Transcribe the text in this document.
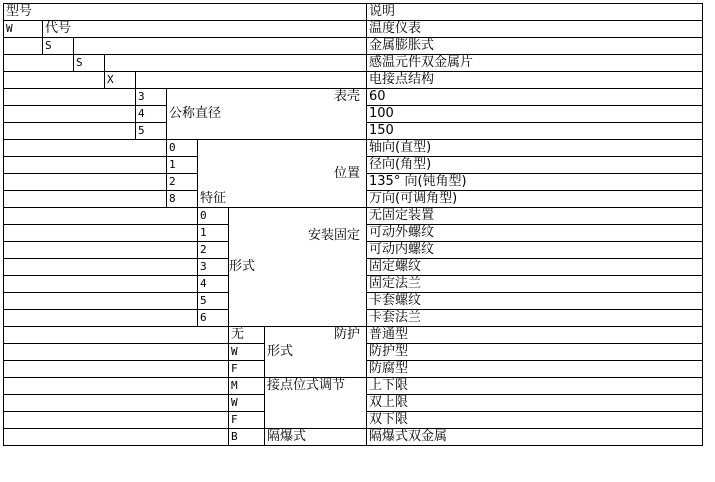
型号									说明
W	代号								温度仪表
	S								金属膨胀式
		S							感温元件双金属片
			X						电接点结构
				3	公称直径			表壳	60
				4					100
				5					150
					0	特征		位置	轴向(直型)
					1				径向(角型)
					2				135° 向(钝角型)
					8				万向(可调角型)
						0	形式	安装固定	无固定装置
						1			可动外螺纹
						2			可动内螺纹
						3			固定螺纹
						4			固定法兰
						5			卡套螺纹
						6			卡套法兰
							无	防护	普通型
							W	形式	防护型
							F		防腐型
							M	接点位式调节	上下限
							W		双上限
							F		双下限
							B	隔爆式	隔爆式双金属
